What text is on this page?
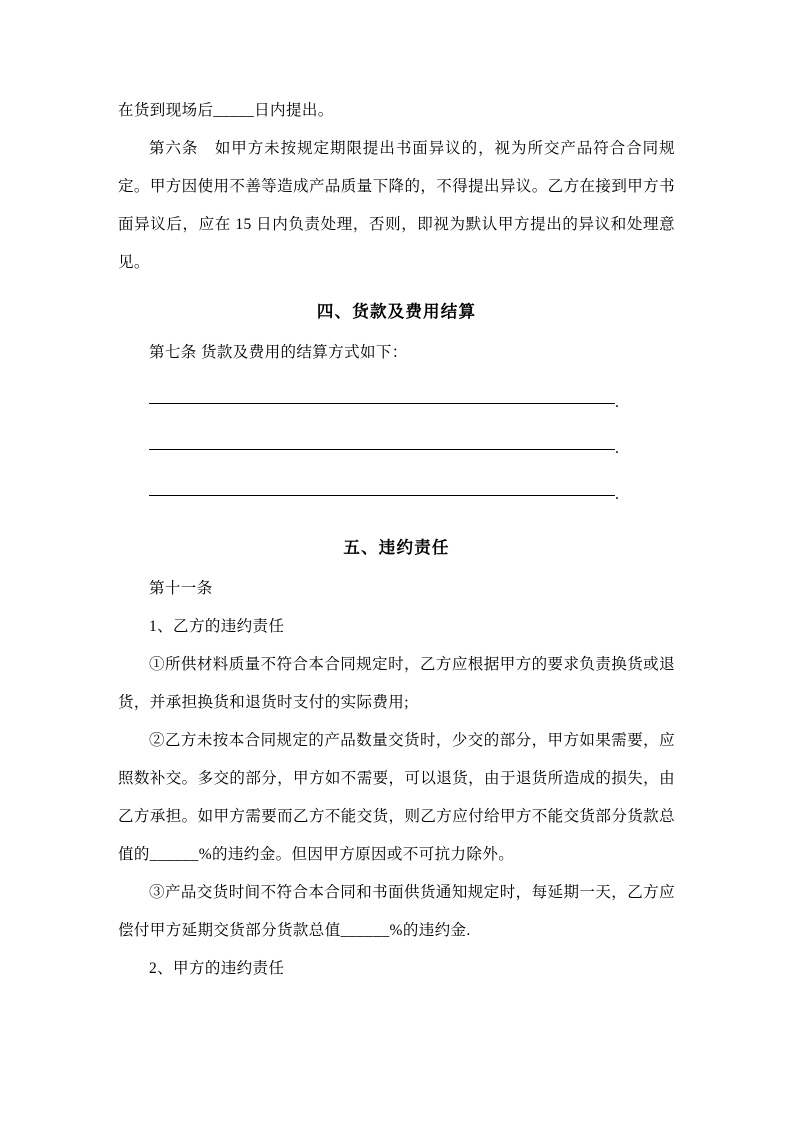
在货到现场后_____日内提出。

第六条　如甲方未按规定期限提出书面异议的，视为所交产品符合合同规定。甲方因使用不善等造成产品质量下降的，不得提出异议。乙方在接到甲方书面异议后，应在 15 日内负责处理，否则，即视为默认甲方提出的异议和处理意见。

四、货款及费用结算

第七条 货款及费用的结算方式如下：

.
.
.
五、违约责任

第十一条

1、乙方的违约责任

①所供材料质量不符合本合同规定时，乙方应根据甲方的要求负责换货或退货，并承担换货和退货时支付的实际费用;

②乙方未按本合同规定的产品数量交货时，少交的部分，甲方如果需要，应照数补交。多交的部分，甲方如不需要，可以退货，由于退货所造成的损失，由乙方承担。如甲方需要而乙方不能交货，则乙方应付给甲方不能交货部分货款总值的______%的违约金。但因甲方原因或不可抗力除外。

③产品交货时间不符合本合同和书面供货通知规定时，每延期一天，乙方应偿付甲方延期交货部分货款总值______%的违约金.

2、甲方的违约责任
